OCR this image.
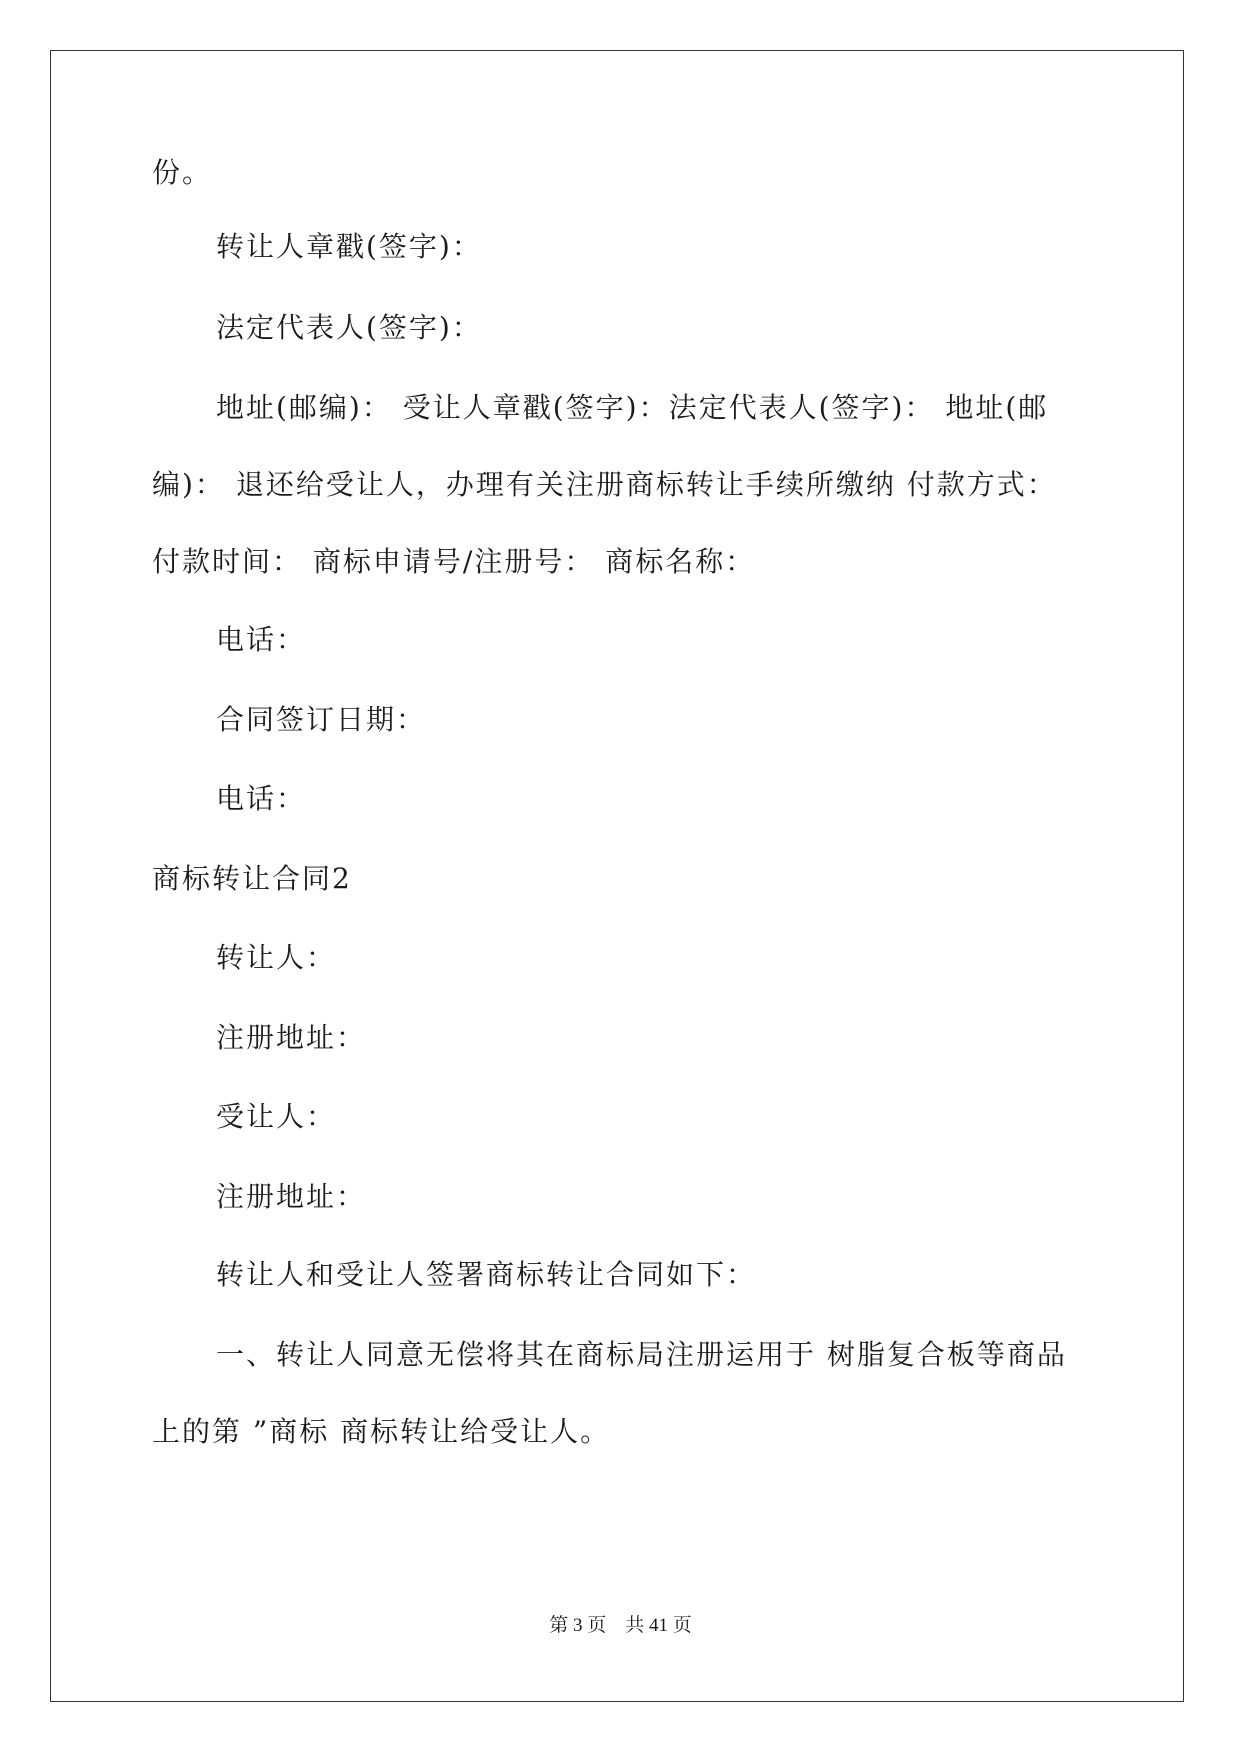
份。
转让人章戳(签字)：
法定代表人(签字)：
地址(邮编)： 受让人章戳(签字)：法定代表人(签字)： 地址(邮
编)： 退还给受让人，办理有关注册商标转让手续所缴纳 付款方式：
付款时间： 商标申请号/注册号： 商标名称：
电话：
合同签订日期：
电话：
商标转让合同2
转让人：
注册地址：
受让人：
注册地址：
转让人和受让人签署商标转让合同如下：
一、转让人同意无偿将其在商标局注册运用于 树脂复合板等商品
上的第 ”商标 商标转让给受让人。
第 3 页　共 41 页
